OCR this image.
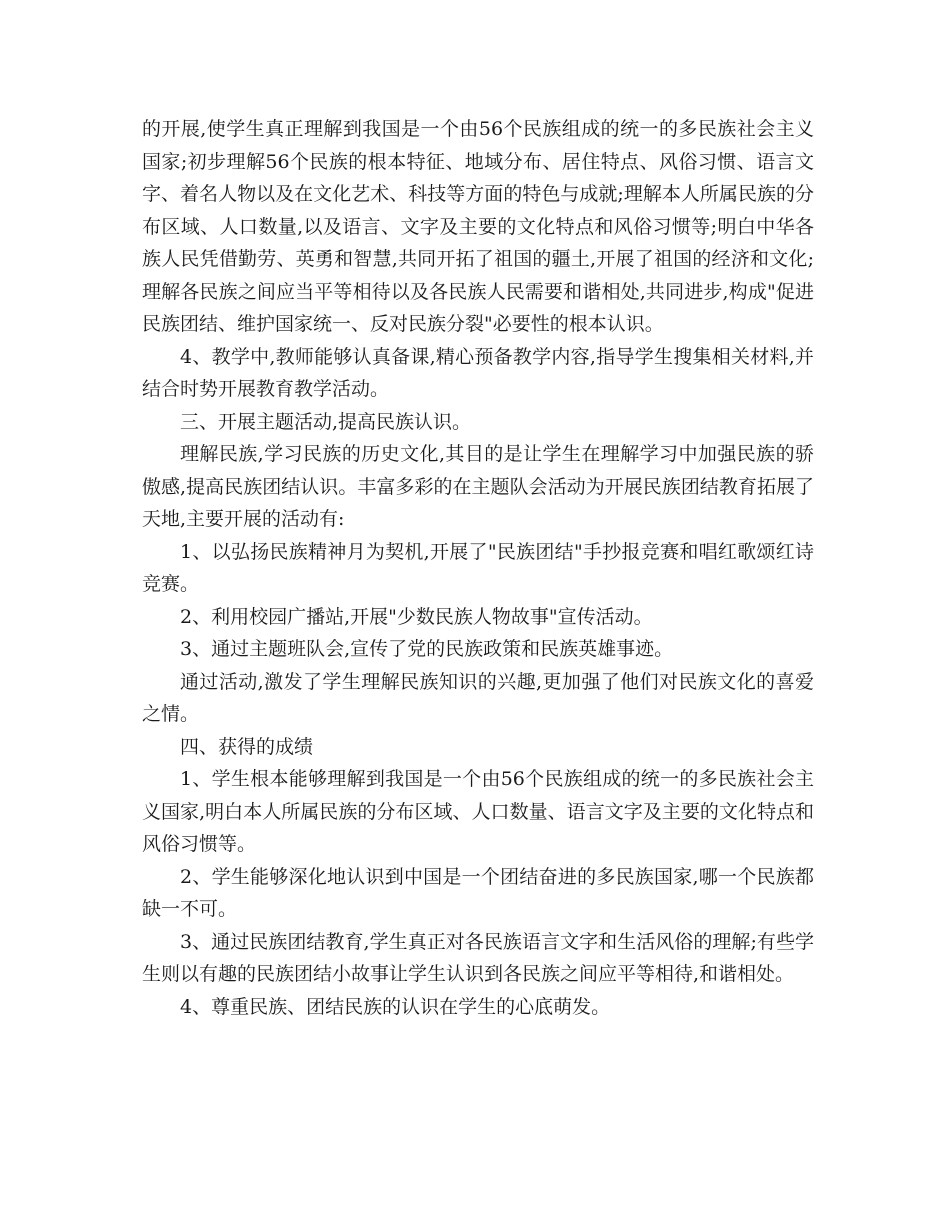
的开展,使学生真正理解到我国是一个由56个民族组成的统一的多民族社会主义国家;初步理解56个民族的根本特征、地域分布、居住特点、风俗习惯、语言文字、着名人物以及在文化艺术、科技等方面的特色与成就;理解本人所属民族的分布区域、人口数量,以及语言、文字及主要的文化特点和风俗习惯等;明白中华各族人民凭借勤劳、英勇和智慧,共同开拓了祖国的疆土,开展了祖国的经济和文化;理解各民族之间应当平等相待以及各民族人民需要和谐相处,共同进步,构成"促进民族团结、维护国家统一、反对民族分裂"必要性的根本认识。

4、教学中,教师能够认真备课,精心预备教学内容,指导学生搜集相关材料,并结合时势开展教育教学活动。

三、开展主题活动,提高民族认识。

理解民族,学习民族的历史文化,其目的是让学生在理解学习中加强民族的骄傲感,提高民族团结认识。丰富多彩的在主题队会活动为开展民族团结教育拓展了天地,主要开展的活动有:

1、以弘扬民族精神月为契机,开展了"民族团结"手抄报竞赛和唱红歌颂红诗竞赛。

2、利用校园广播站,开展"少数民族人物故事"宣传活动。

3、通过主题班队会,宣传了党的民族政策和民族英雄事迹。

通过活动,激发了学生理解民族知识的兴趣,更加强了他们对民族文化的喜爱之情。

四、获得的成绩

1、学生根本能够理解到我国是一个由56个民族组成的统一的多民族社会主义国家,明白本人所属民族的分布区域、人口数量、语言文字及主要的文化特点和风俗习惯等。

2、学生能够深化地认识到中国是一个团结奋进的多民族国家,哪一个民族都缺一不可。

3、通过民族团结教育,学生真正对各民族语言文字和生活风俗的理解;有些学生则以有趣的民族团结小故事让学生认识到各民族之间应平等相待,和谐相处。

4、尊重民族、团结民族的认识在学生的心底萌发。
